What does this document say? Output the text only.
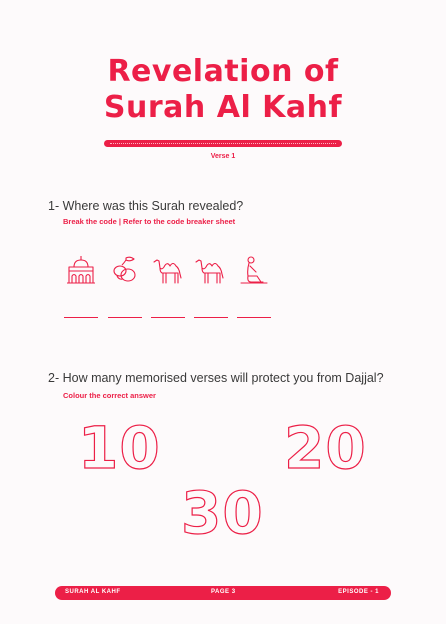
Revelation of
Surah Al Kahf
Verse 1
1- Where was this Surah revealed?
Break the code | Refer to the code breaker sheet
2- How many memorised verses will protect you from Dajjal?
Colour the correct answer
10 20
30
SURAH AL KAHF	PAGE 3	EPISODE - 1
